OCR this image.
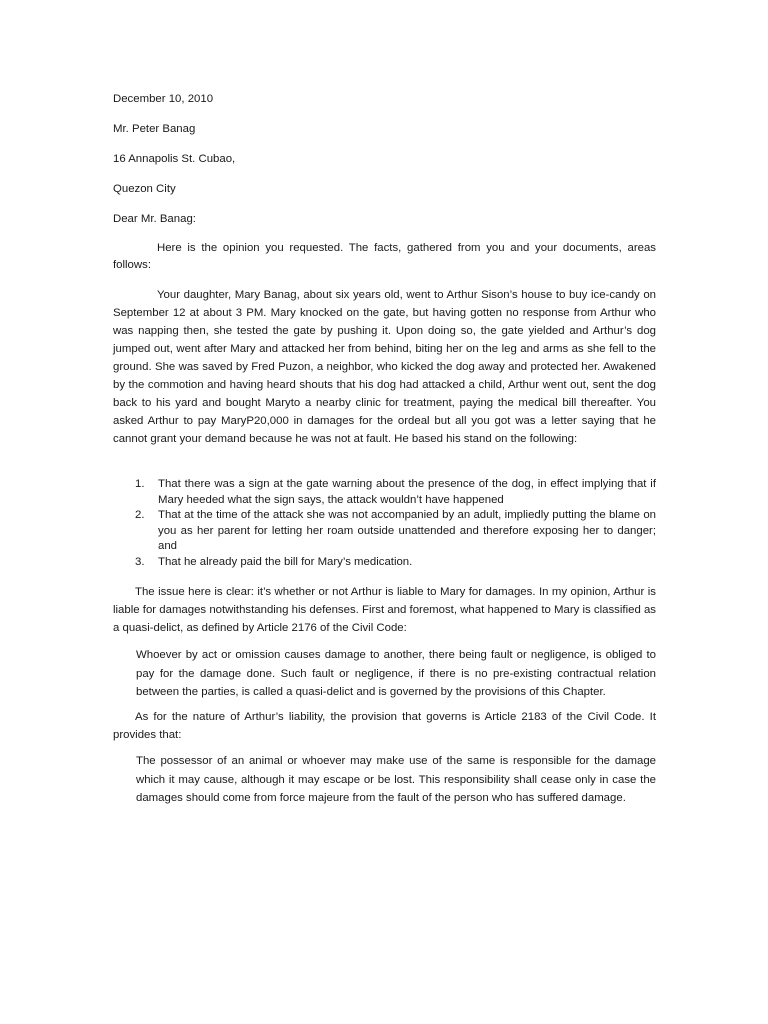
December 10, 2010

Mr. Peter Banag

16 Annapolis St. Cubao,

Quezon City

Dear Mr. Banag:

Here is the opinion you requested. The facts, gathered from you and your documents, areas follows:

Your daughter, Mary Banag, about six years old, went to Arthur Sison’s house to buy ice-candy on September 12 at about 3 PM. Mary knocked on the gate, but having gotten no response from Arthur who was napping then, she tested the gate by pushing it. Upon doing so, the gate yielded and Arthur’s dog jumped out, went after Mary and attacked her from behind, biting her on the leg and arms as she fell to the ground. She was saved by Fred Puzon, a neighbor, who kicked the dog away and protected her. Awakened by the commotion and having heard shouts that his dog had attacked a child, Arthur went out, sent the dog back to his yard and bought Maryto a nearby clinic for treatment, paying the medical bill thereafter. You asked Arthur to pay MaryP20,000 in damages for the ordeal but all you got was a letter saying that he cannot grant your demand because he was not at fault. He based his stand on the following:

1. That there was a sign at the gate warning about the presence of the dog, in effect implying that if Mary heeded what the sign says, the attack wouldn’t have happened
2. That at the time of the attack she was not accompanied by an adult, impliedly putting the blame on you as her parent for letting her roam outside unattended and therefore exposing her to danger; and
3. That he already paid the bill for Mary’s medication.

The issue here is clear: it’s whether or not Arthur is liable to Mary for damages. In my opinion, Arthur is liable for damages notwithstanding his defenses. First and foremost, what happened to Mary is classified as a quasi-delict, as defined by Article 2176 of the Civil Code:

Whoever by act or omission causes damage to another, there being fault or negligence, is obliged to pay for the damage done. Such fault or negligence, if there is no pre-existing contractual relation between the parties, is called a quasi-delict and is governed by the provisions of this Chapter.

As for the nature of Arthur’s liability, the provision that governs is Article 2183 of the Civil Code. It provides that:

The possessor of an animal or whoever may make use of the same is responsible for the damage which it may cause, although it may escape or be lost. This responsibility shall cease only in case the damages should come from force majeure from the fault of the person who has suffered damage.
